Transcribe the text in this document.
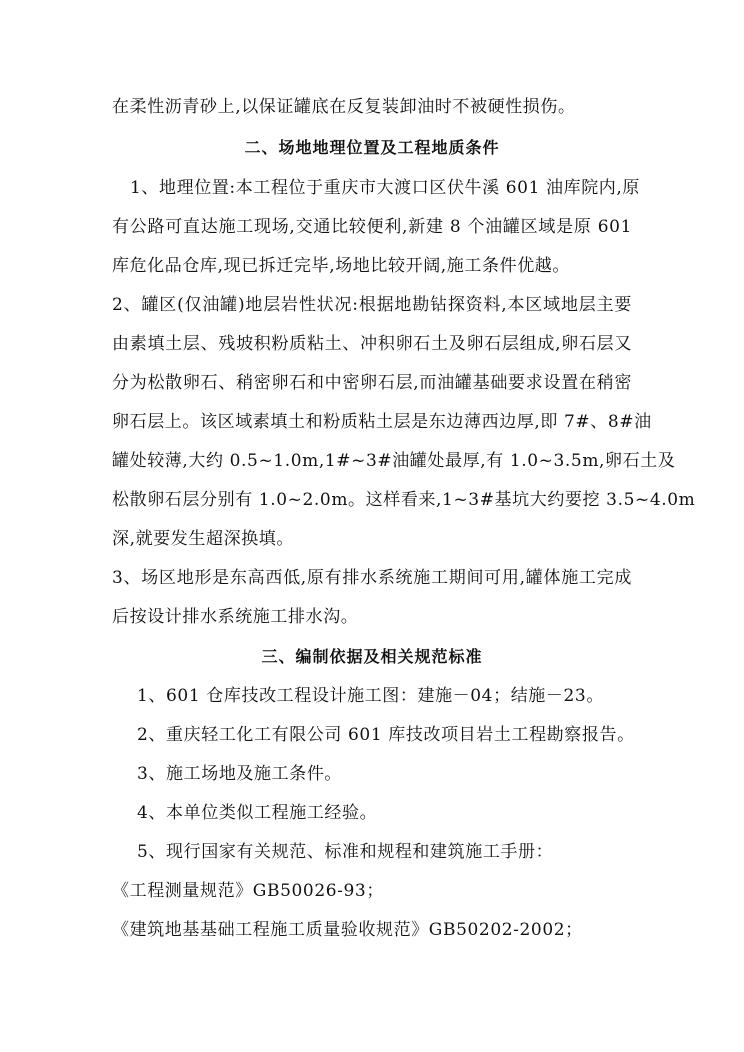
在柔性沥青砂上,以保证罐底在反复装卸油时不被硬性损伤。
二、场地地理位置及工程地质条件
1、地理位置:本工程位于重庆市大渡口区伏牛溪 601 油库院内,原
有公路可直达施工现场,交通比较便利,新建 8 个油罐区域是原 601
库危化品仓库,现已拆迁完毕,场地比较开阔,施工条件优越。
2、罐区(仅油罐)地层岩性状况:根据地勘钻探资料,本区域地层主要
由素填土层、残坡积粉质粘土、冲积卵石土及卵石层组成,卵石层又
分为松散卵石、稍密卵石和中密卵石层,而油罐基础要求设置在稍密
卵石层上。该区域素填土和粉质粘土层是东边薄西边厚,即 7#、8#油
罐处较薄,大约 0.5~1.0m,1#~3#油罐处最厚,有 1.0~3.5m,卵石土及
松散卵石层分别有 1.0~2.0m。这样看来,1~3#基坑大约要挖 3.5~4.0m
深,就要发生超深换填。
3、场区地形是东高西低,原有排水系统施工期间可用,罐体施工完成
后按设计排水系统施工排水沟。
三、编制依据及相关规范标准
1、601 仓库技改工程设计施工图：建施－04；结施－23。
2、重庆轻工化工有限公司 601 库技改项目岩土工程勘察报告。
3、施工场地及施工条件。
4、本单位类似工程施工经验。
5、现行国家有关规范、标准和规程和建筑施工手册：
《工程测量规范》GB50026-93；
《建筑地基基础工程施工质量验收规范》GB50202-2002；
